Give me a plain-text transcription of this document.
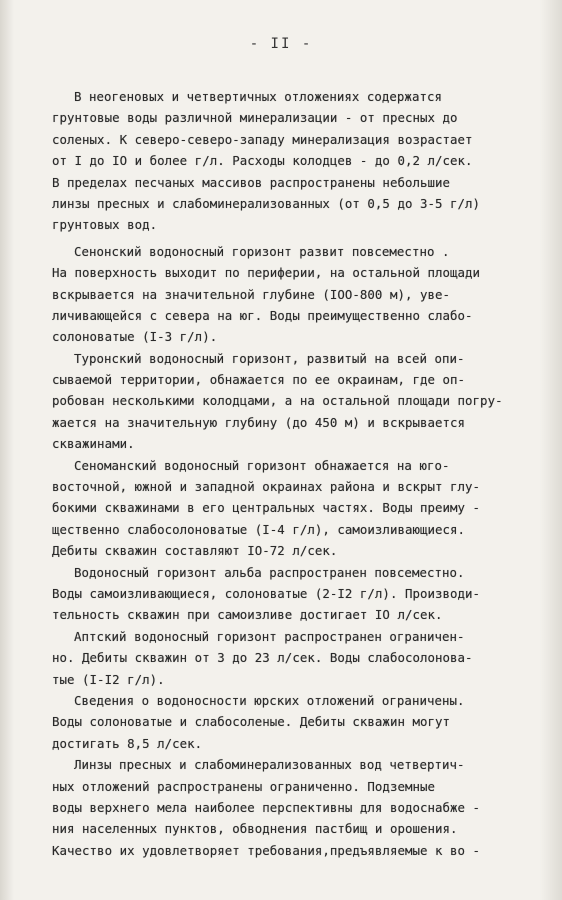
- II -
В неогеновых и четвертичных отложениях содержатся
грунтовые воды различной минерализации - от пресных до
соленых. К северо-северо-западу минерализация возрастает
от I до IO и более г/л. Расходы колодцев - до 0,2 л/сек.
В пределах песчаных массивов распространены небольшие
линзы пресных и слабоминерализованных (от 0,5 до 3-5 г/л)
грунтовых вод.
Сенонский водоносный горизонт развит повсеместно .
На поверхность выходит по периферии, на остальной площади
вскрывается на значительной глубине (IOO-800 м), уве-
личивающейся с севера на юг. Воды преимущественно слабо-
солоноватые (I-3 г/л).
Туронский водоносный горизонт, развитый на всей опи-
сываемой территории, обнажается по ее окраинам, где оп-
робован несколькими колодцами, а на остальной площади погру-
жается на значительную глубину (до 450 м) и вскрывается
скважинами.
Сеноманский водоносный горизонт обнажается на юго-
восточной, южной и западной окраинах района и вскрыт глу-
бокими скважинами в его центральных частях. Воды преиму -
щественно слабосолоноватые (I-4 г/л), самоизливающиеся.
Дебиты скважин составляют IO-72 л/сек.
Водоносный горизонт альба распространен повсеместно.
Воды самоизливающиеся, солоноватые (2-I2 г/л). Производи-
тельность скважин при самоизливе достигает IO л/сек.
Аптский водоносный горизонт распространен ограничен-
но. Дебиты скважин от 3 до 23 л/сек. Воды слабосолонова-
тые (I-I2 г/л).
Сведения о водоносности юрских отложений ограничены.
Воды солоноватые и слабосоленые. Дебиты скважин могут
достигать 8,5 л/сек.
Линзы пресных и слабоминерализованных вод четвертич-
ных отложений распространены ограниченно. Подземные
воды верхнего мела наиболее перспективны для водоснабже -
ния населенных пунктов, обводнения пастбищ и орошения.
Качество их удовлетворяет требования,предъявляемые к во -
